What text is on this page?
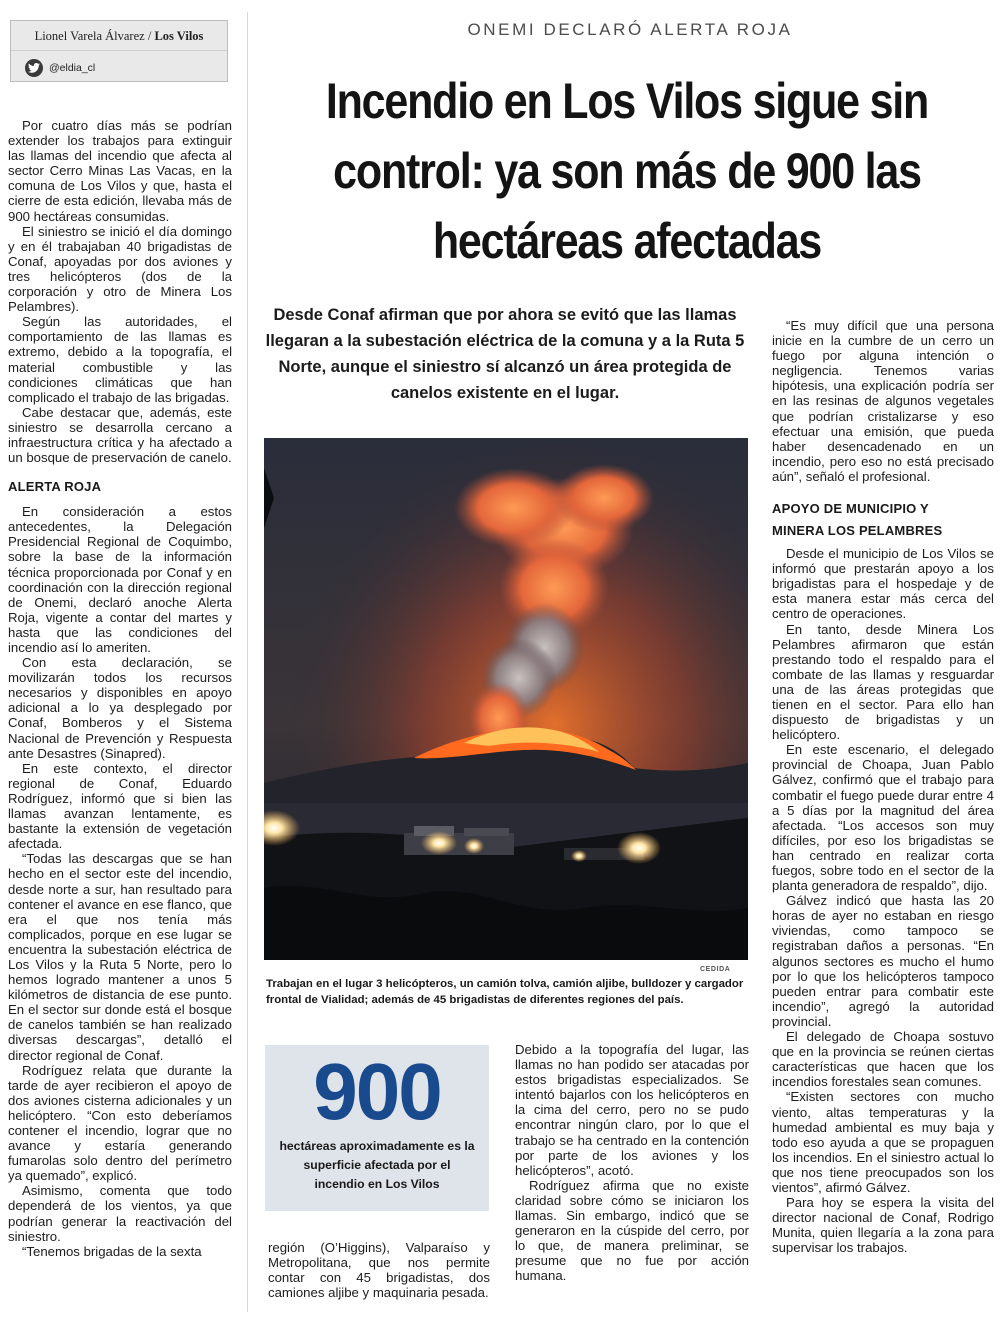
Lionel Varela Álvarez / Los Vilos
@eldia_cl

Por cuatro días más se podrían extender los trabajos para extinguir las llamas del incendio que afecta al sector Cerro Minas Las Vacas, en la comuna de Los Vilos y que, hasta el cierre de esta edición, llevaba más de 900 hectáreas consumidas.

El siniestro se inició el día domingo y en él trabajaban 40 brigadistas de Conaf, apoyadas por dos aviones y tres helicópteros (dos de la corporación y otro de Minera Los Pelambres).

Según las autoridades, el comportamiento de las llamas es extremo, debido a la topografía, el material combustible y las condiciones climáticas que han complicado el trabajo de las brigadas.

Cabe destacar que, además, este siniestro se desarrolla cercano a infraestructura crítica y ha afectado a un bosque de preservación de canelo.

ALERTA ROJA

En consideración a estos antecedentes, la Delegación Presidencial Regional de Coquimbo, sobre la base de la información técnica proporcionada por Conaf y en coordinación con la dirección regional de Onemi, declaró anoche Alerta Roja, vigente a contar del martes y hasta que las condiciones del incendio así lo ameriten.

Con esta declaración, se movilizarán todos los recursos necesarios y disponibles en apoyo adicional a lo ya desplegado por Conaf, Bomberos y el Sistema Nacional de Prevención y Respuesta ante Desastres (Sinapred).

En este contexto, el director regional de Conaf, Eduardo Rodríguez, informó que si bien las llamas avanzan lentamente, es bastante la extensión de vegetación afectada.

“Todas las descargas que se han hecho en el sector este del incendio, desde norte a sur, han resultado para contener el avance en ese flanco, que era el que nos tenía más complicados, porque en ese lugar se encuentra la subestación eléctrica de Los Vilos y la Ruta 5 Norte, pero lo hemos logrado mantener a unos 5 kilómetros de distancia de ese punto. En el sector sur donde está el bosque de canelos también se han realizado diversas descargas”, detalló el director regional de Conaf.

Rodríguez relata que durante la tarde de ayer recibieron el apoyo de dos aviones cisterna adicionales y un helicóptero. “Con esto deberíamos contener el incendio, lograr que no avance y estaría generando fumarolas solo dentro del perímetro ya quemado”, explicó.

Asimismo, comenta que todo dependerá de los vientos, ya que podrían generar la reactivación del siniestro.

“Tenemos brigadas de la sexta

ONEMI DECLARÓ ALERTA ROJA
Incendio en Los Vilos sigue sin control: ya son más de 900 las hectáreas afectadas
Desde Conaf afirman que por ahora se evitó que las llamas llegaran a la subestación eléctrica de la comuna y a la Ruta 5 Norte, aunque el siniestro sí alcanzó un área protegida de canelos existente en el lugar.
CEDIDA
Trabajan en el lugar 3 helicópteros, un camión tolva, camión aljibe, bulldozer y cargador frontal de Vialidad; además de 45 brigadistas de diferentes regiones del país.
900
hectáreas aproximadamente es la superficie afectada por el incendio en Los Vilos

región (O’Higgins), Valparaíso y Metropolitana, que nos permite contar con 45 brigadistas, dos camiones aljibe y maquinaria pesada.

Debido a la topografía del lugar, las llamas no han podido ser atacadas por estos brigadistas especializados. Se intentó bajarlos con los helicópteros en la cima del cerro, pero no se pudo encontrar ningún claro, por lo que el trabajo se ha centrado en la contención por parte de los aviones y los helicópteros”, acotó.

Rodríguez afirma que no existe claridad sobre cómo se iniciaron los llamas. Sin embargo, indicó que se generaron en la cúspide del cerro, por lo que, de manera preliminar, se presume que no fue por acción humana.

“Es muy difícil que una persona inicie en la cumbre de un cerro un fuego por alguna intención o negligencia. Tenemos varias hipótesis, una explicación podría ser en las resinas de algunos vegetales que podrían cristalizarse y eso efectuar una emisión, que pueda haber desencadenado en un incendio, pero eso no está precisado aún”, señaló el profesional.

APOYO DE MUNICIPIO Y
MINERA LOS PELAMBRES

Desde el municipio de Los Vilos se informó que prestarán apoyo a los brigadistas para el hospedaje y de esta manera estar más cerca del centro de operaciones.

En tanto, desde Minera Los Pelambres afirmaron que están prestando todo el respaldo para el combate de las llamas y resguardar una de las áreas protegidas que tienen en el sector. Para ello han dispuesto de brigadistas y un helicóptero.

En este escenario, el delegado provincial de Choapa, Juan Pablo Gálvez, confirmó que el trabajo para combatir el fuego puede durar entre 4 a 5 días por la magnitud del área afectada. “Los accesos son muy difíciles, por eso los brigadistas se han centrado en realizar corta fuegos, sobre todo en el sector de la planta generadora de respaldo”, dijo.

Gálvez indicó que hasta las 20 horas de ayer no estaban en riesgo viviendas, como tampoco se registraban daños a personas. “En algunos sectores es mucho el humo por lo que los helicópteros tampoco pueden entrar para combatir este incendio”, agregó la autoridad provincial.

El delegado de Choapa sostuvo que en la provincia se reúnen ciertas características que hacen que los incendios forestales sean comunes.

“Existen sectores con mucho viento, altas temperaturas y la humedad ambiental es muy baja y todo eso ayuda a que se propaguen los incendios. En el siniestro actual lo que nos tiene preocupados son los vientos”, afirmó Gálvez.

Para hoy se espera la visita del director nacional de Conaf, Rodrigo Munita, quien llegaría a la zona para supervisar los trabajos.
